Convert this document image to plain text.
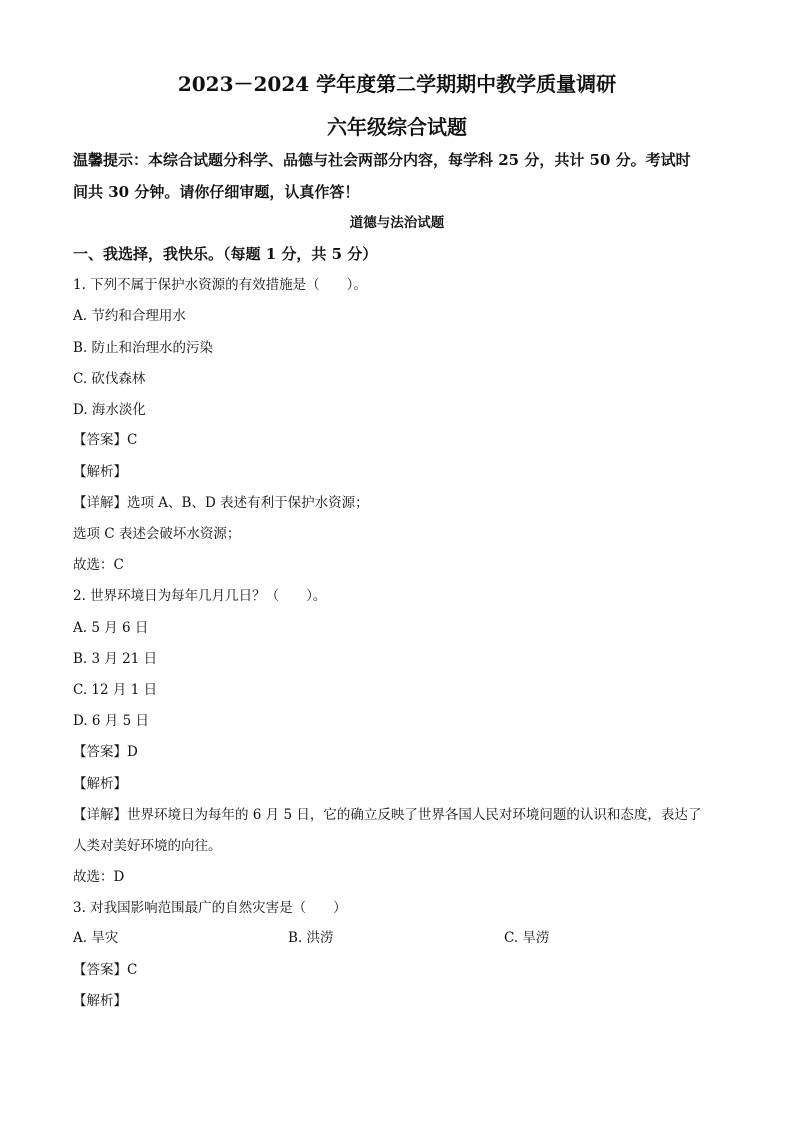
2023－2024 学年度第二学期期中教学质量调研
六年级综合试题
温馨提示：本综合试题分科学、品德与社会两部分内容，每学科 25 分，共计 50 分。考试时
间共 30 分钟。请你仔细审题，认真作答！
道德与法治试题
一、我选择，我快乐。（每题 1 分，共 5 分）
1. 下列不属于保护水资源的有效措施是（　　）。
A. 节约和合理用水
B. 防止和治理水的污染
C. 砍伐森林
D. 海水淡化
【答案】C
【解析】
【详解】选项 A、B、D 表述有利于保护水资源；
选项 C 表述会破坏水资源；
故选：C
2. 世界环境日为每年几月几日？（　　）。
A. 5 月 6 日
B. 3 月 21 日
C. 12 月 1 日
D. 6 月 5 日
【答案】D
【解析】
【详解】世界环境日为每年的 6 月 5 日，它的确立反映了世界各国人民对环境问题的认识和态度，表达了
人类对美好环境的向往。
故选：D
3. 对我国影响范围最广的自然灾害是（　　）
A. 旱灾	B. 洪涝	C. 旱涝
【答案】C
【解析】
